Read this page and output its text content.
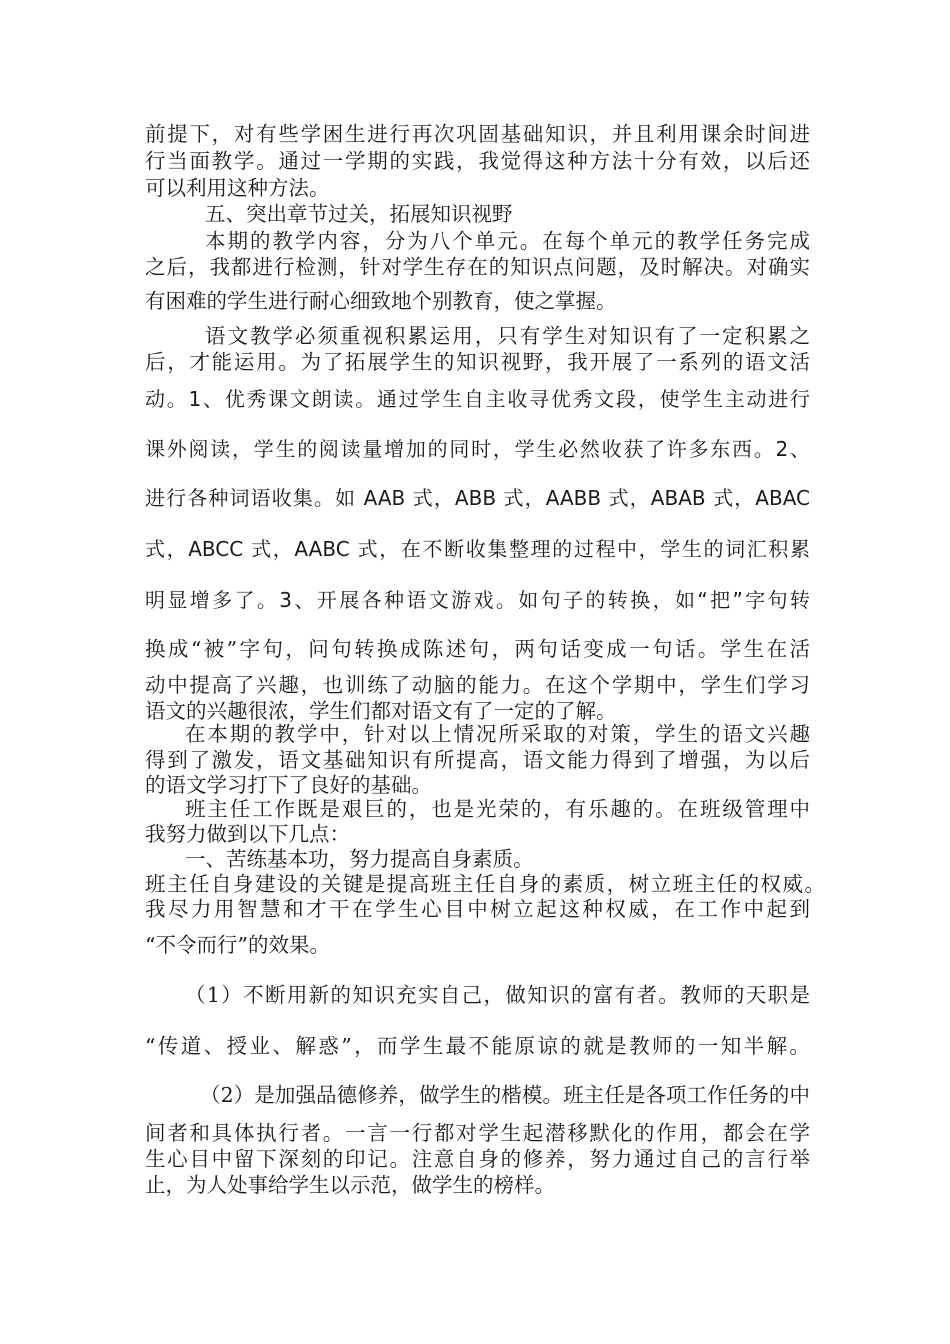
前提下，对有些学困生进行再次巩固基础知识，并且利用课余时间进
行当面教学。通过一学期的实践，我觉得这种方法十分有效，以后还
可以利用这种方法。
五、突出章节过关，拓展知识视野
本期的教学内容，分为八个单元。在每个单元的教学任务完成
之后，我都进行检测，针对学生存在的知识点问题，及时解决。对确实
有困难的学生进行耐心细致地个别教育，使之掌握。
语文教学必须重视积累运用，只有学生对知识有了一定积累之
后，才能运用。为了拓展学生的知识视野，我开展了一系列的语文活
动。1、优秀课文朗读。通过学生自主收寻优秀文段，使学生主动进行
课外阅读，学生的阅读量增加的同时，学生必然收获了许多东西。2、
进行各种词语收集。如 AAB 式，ABB 式，AABB 式，ABAB 式，ABAC
式，ABCC 式，AABC 式，在不断收集整理的过程中，学生的词汇积累
明显增多了。3、开展各种语文游戏。如句子的转换，如“把”字句转
换成“被”字句，问句转换成陈述句，两句话变成一句话。学生在活
动中提高了兴趣，也训练了动脑的能力。在这个学期中，学生们学习
语文的兴趣很浓，学生们都对语文有了一定的了解。
在本期的教学中，针对以上情况所采取的对策，学生的语文兴趣
得到了激发，语文基础知识有所提高，语文能力得到了增强，为以后
的语文学习打下了良好的基础。
班主任工作既是艰巨的，也是光荣的，有乐趣的。在班级管理中
我努力做到以下几点：
一、苦练基本功，努力提高自身素质。
班主任自身建设的关键是提高班主任自身的素质，树立班主任的权威。
我尽力用智慧和才干在学生心目中树立起这种权威，在工作中起到
“不令而行”的效果。
（1）不断用新的知识充实自己，做知识的富有者。教师的天职是
“传道、授业、解惑”，而学生最不能原谅的就是教师的一知半解。
（2）是加强品德修养，做学生的楷模。班主任是各项工作任务的中
间者和具体执行者。一言一行都对学生起潜移默化的作用，都会在学
生心目中留下深刻的印记。注意自身的修养，努力通过自己的言行举
止，为人处事给学生以示范，做学生的榜样。
